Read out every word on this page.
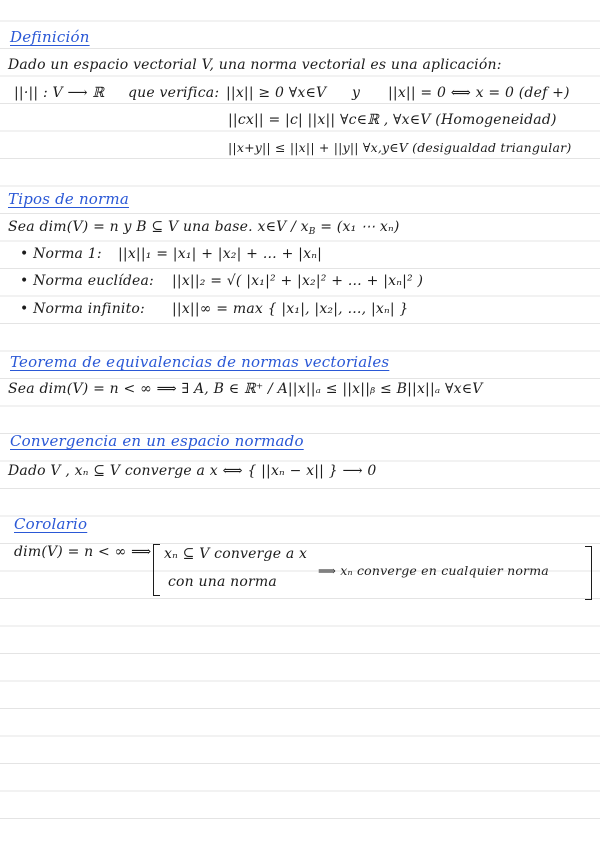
Definición
Dado un espacio vectorial V, una norma vectorial es una aplicación:
||·|| : V ⟶ ℝ que verifica: ||x|| ≥ 0 ∀x∈V y ||x|| = 0 ⟺ x = 0 (def +)
||cx|| = |c| ||x|| ∀c∈ℝ , ∀x∈V (Homogeneidad)
||x+y|| ≤ ||x|| + ||y|| ∀x,y∈V (desigualdad triangular)
Tipos de norma
Sea dim(V) = n y B ⊆ V una base. x∈V / $x_B = (x_1$ ⋯ xₙ)
• Norma 1: ||x||₁ = |x₁| + |x₂| + … + |xₙ|
• Norma euclídea: ||x||₂ = √( |x₁|² + |x₂|² + … + |xₙ|² )
• Norma infinito: ||x||∞ = max { |x₁|, |x₂|, …, |xₙ| }
Teorema de equivalencias de normas vectoriales
Sea dim(V) = n < ∞ ⟹ ∃ A, B ∈ ℝ⁺ / A||x||ₐ ≤ ||x||ᵦ ≤ B||x||ₐ ∀x∈V
Convergencia en un espacio normado
Dado V , xₙ ⊆ V converge a x ⟺ { ||xₙ − x|| } ⟶ 0
Corolario
dim(V) = n < ∞ ⟹ xₙ ⊆ V converge a x
con una norma
⟹ xₙ converge en cualquier norma
